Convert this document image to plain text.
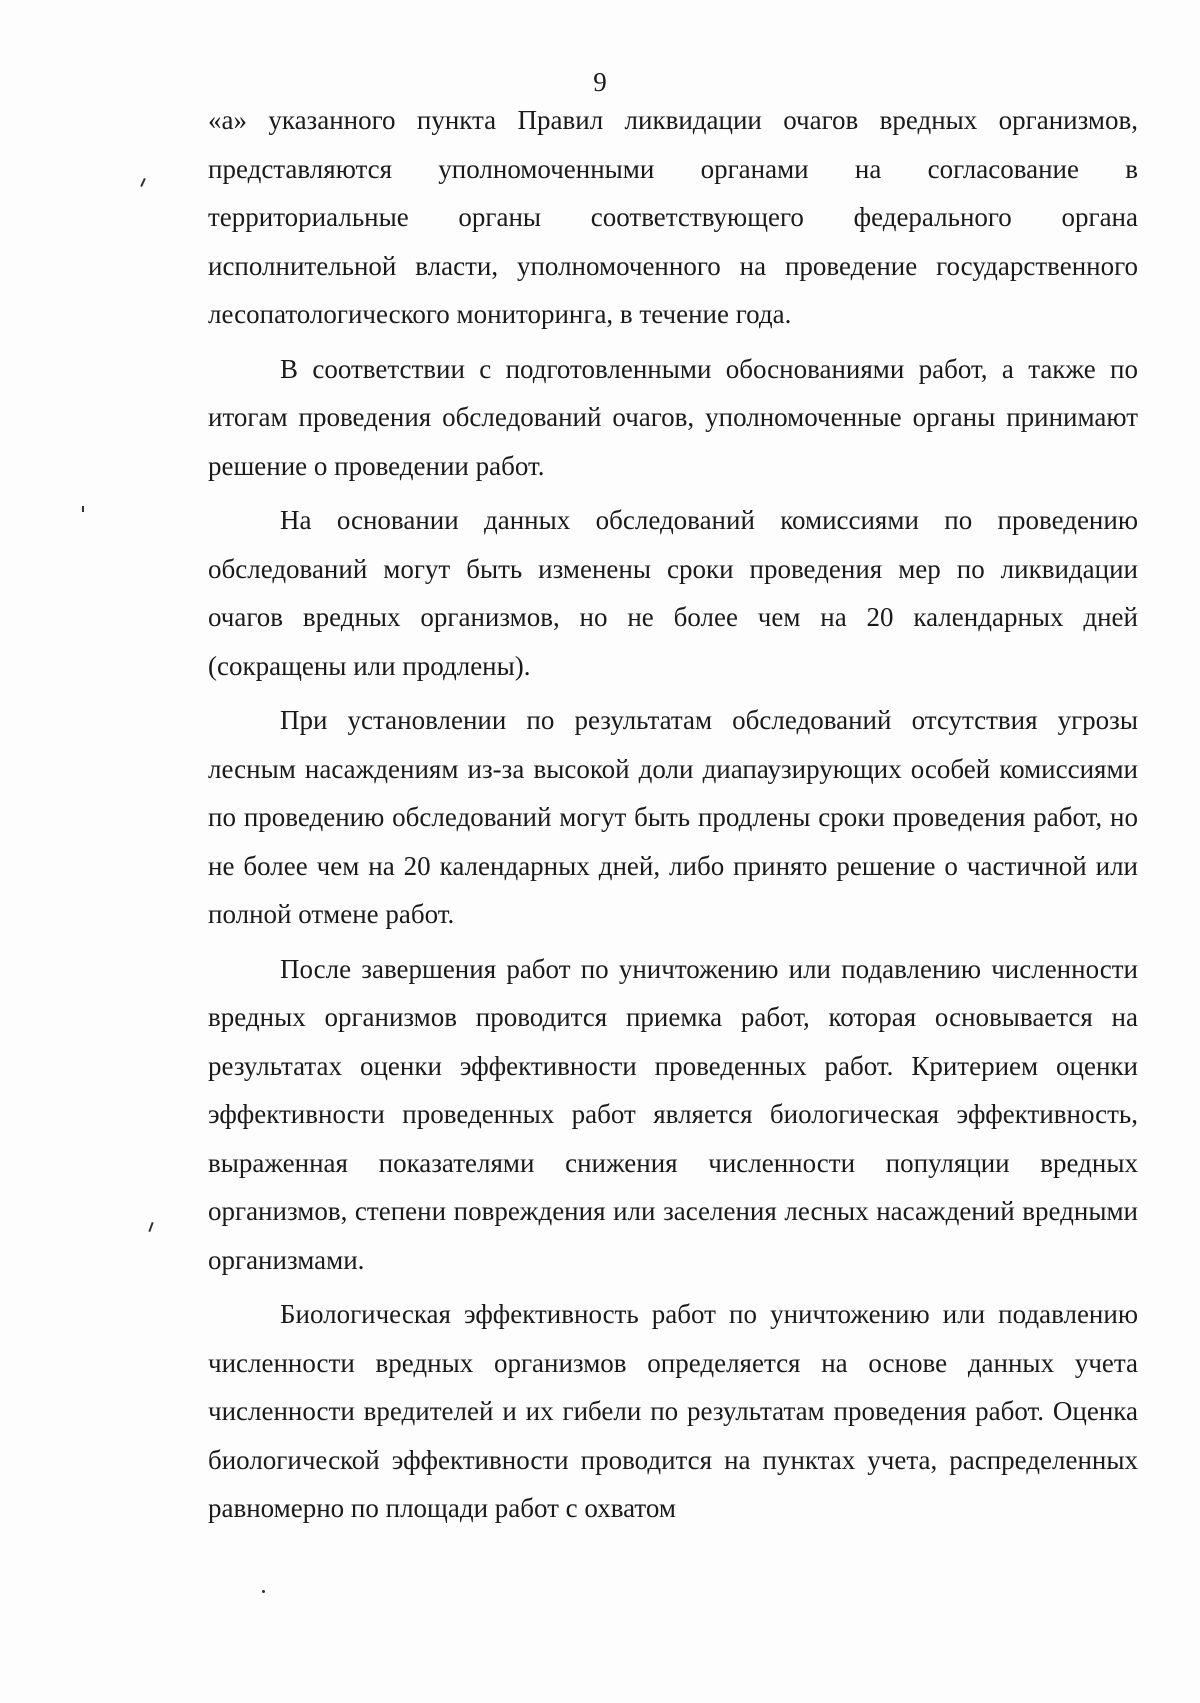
9

«а» указанного пункта Правил ликвидации очагов вредных организмов, представляются уполномоченными органами на согласование в территориальные органы соответствующего федерального органа исполнительной власти, уполномоченного на проведение государственного лесопатологического мониторинга, в течение года.

В соответствии с подготовленными обоснованиями работ, а также по итогам проведения обследований очагов, уполномоченные органы принимают решение о проведении работ.

На основании данных обследований комиссиями по проведению обследований могут быть изменены сроки проведения мер по ликвидации очагов вредных организмов, но не более чем на 20 календарных дней (сокращены или продлены).

При установлении по результатам обследований отсутствия угрозы лесным насаждениям из-за высокой доли диапаузирующих особей комиссиями по проведению обследований могут быть продлены сроки проведения работ, но не более чем на 20 календарных дней, либо принято решение о частичной или полной отмене работ.

После завершения работ по уничтожению или подавлению численности вредных организмов проводится приемка работ, которая основывается на результатах оценки эффективности проведенных работ. Критерием оценки эффективности проведенных работ является биологическая эффективность, выраженная показателями снижения численности популяции вредных организмов, степени повреждения или заселения лесных насаждений вредными организмами.

Биологическая эффективность работ по уничтожению или подавлению численности вредных организмов определяется на основе данных учета численности вредителей и их гибели по результатам проведения работ. Оценка биологической эффективности проводится на пунктах учета, распределенных равномерно по площади работ с охватом
